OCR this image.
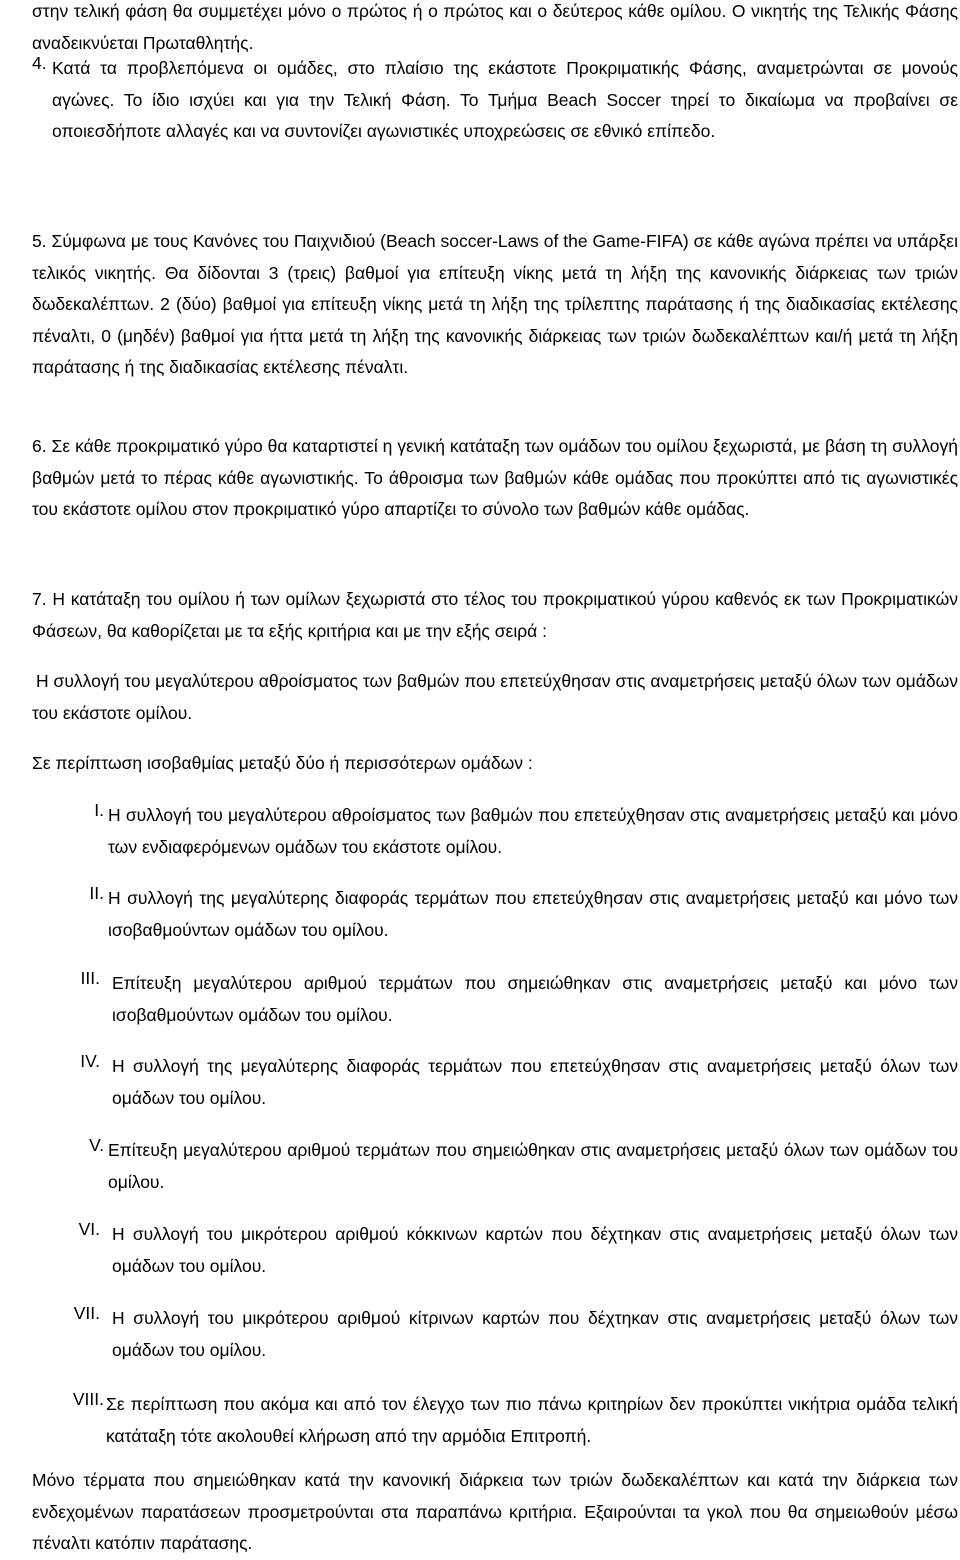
στην τελική φάση θα συμμετέχει μόνο ο πρώτος ή ο πρώτος και ο δεύτερος κάθε ομίλου. Ο νικητής της Τελικής Φάσης αναδεικνύεται Πρωταθλητής.

4. Κατά τα προβλεπόμενα οι ομάδες, στο πλαίσιο της εκάστοτε Προκριματικής Φάσης, αναμετρώνται σε μονούς αγώνες. Το ίδιο ισχύει και για την Τελική Φάση. Το Τμήμα Beach Soccer τηρεί το δικαίωμα να προβαίνει σε οποιεσδήποτε αλλαγές και να συντονίζει αγωνιστικές υποχρεώσεις σε εθνικό επίπεδο.

5. Σύμφωνα με τους Κανόνες του Παιχνιδιού (Beach soccer-Laws of the Game-FIFA) σε κάθε αγώνα πρέπει να υπάρξει τελικός νικητής. Θα δίδονται 3 (τρεις) βαθμοί για επίτευξη νίκης μετά τη λήξη της κανονικής διάρκειας των τριών δωδεκαλέπτων. 2 (δύο) βαθμοί για επίτευξη νίκης μετά τη λήξη της τρίλεπτης παράτασης ή της διαδικασίας εκτέλεσης πέναλτι, 0 (μηδέν) βαθμοί για ήττα μετά τη λήξη της κανονικής διάρκειας των τριών δωδεκαλέπτων και/ή μετά τη λήξη παράτασης ή της διαδικασίας εκτέλεσης πέναλτι.

6. Σε κάθε προκριματικό γύρο θα καταρτιστεί η γενική κατάταξη των ομάδων του ομίλου ξεχωριστά, με βάση τη συλλογή βαθμών μετά το πέρας κάθε αγωνιστικής. Το άθροισμα των βαθμών κάθε ομάδας που προκύπτει από τις αγωνιστικές του εκάστοτε ομίλου στον προκριματικό γύρο απαρτίζει το σύνολο των βαθμών κάθε ομάδας.

7. Η κατάταξη του ομίλου ή των ομίλων ξεχωριστά στο τέλος του προκριματικού γύρου καθενός εκ των Προκριματικών Φάσεων, θα καθορίζεται με τα εξής κριτήρια και με την εξής σειρά :

Η συλλογή του μεγαλύτερου αθροίσματος των βαθμών που επετεύχθησαν στις αναμετρήσεις μεταξύ όλων των ομάδων του εκάστοτε ομίλου.

Σε περίπτωση ισοβαθμίας μεταξύ δύο ή περισσότερων ομάδων :

I. Η συλλογή του μεγαλύτερου αθροίσματος των βαθμών που επετεύχθησαν στις αναμετρήσεις μεταξύ και μόνο των ενδιαφερόμενων ομάδων του εκάστοτε ομίλου.

II. Η συλλογή της μεγαλύτερης διαφοράς τερμάτων που επετεύχθησαν στις αναμετρήσεις μεταξύ και μόνο των ισοβαθμούντων ομάδων του ομίλου.

III. Επίτευξη μεγαλύτερου αριθμού τερμάτων που σημειώθηκαν στις αναμετρήσεις μεταξύ και μόνο των ισοβαθμούντων ομάδων του ομίλου.

IV. Η συλλογή της μεγαλύτερης διαφοράς τερμάτων που επετεύχθησαν στις αναμετρήσεις μεταξύ όλων των ομάδων του ομίλου.

V. Επίτευξη μεγαλύτερου αριθμού τερμάτων που σημειώθηκαν στις αναμετρήσεις μεταξύ όλων των ομάδων του ομίλου.

VI. Η συλλογή του μικρότερου αριθμού κόκκινων καρτών που δέχτηκαν στις αναμετρήσεις μεταξύ όλων των ομάδων του ομίλου.

VII. Η συλλογή του μικρότερου αριθμού κίτρινων καρτών που δέχτηκαν στις αναμετρήσεις μεταξύ όλων των ομάδων του ομίλου.

VIII. Σε περίπτωση που ακόμα και από τον έλεγχο των πιο πάνω κριτηρίων δεν προκύπτει νικήτρια ομάδα τελική κατάταξη τότε ακολουθεί κλήρωση από την αρμόδια Επιτροπή.

Μόνο τέρματα που σημειώθηκαν κατά την κανονική διάρκεια των τριών δωδεκαλέπτων και κατά την διάρκεια των ενδεχομένων παρατάσεων προσμετρούνται στα παραπάνω κριτήρια. Εξαιρούνται τα γκολ που θα σημειωθούν μέσω πέναλτι κατόπιν παράτασης.
